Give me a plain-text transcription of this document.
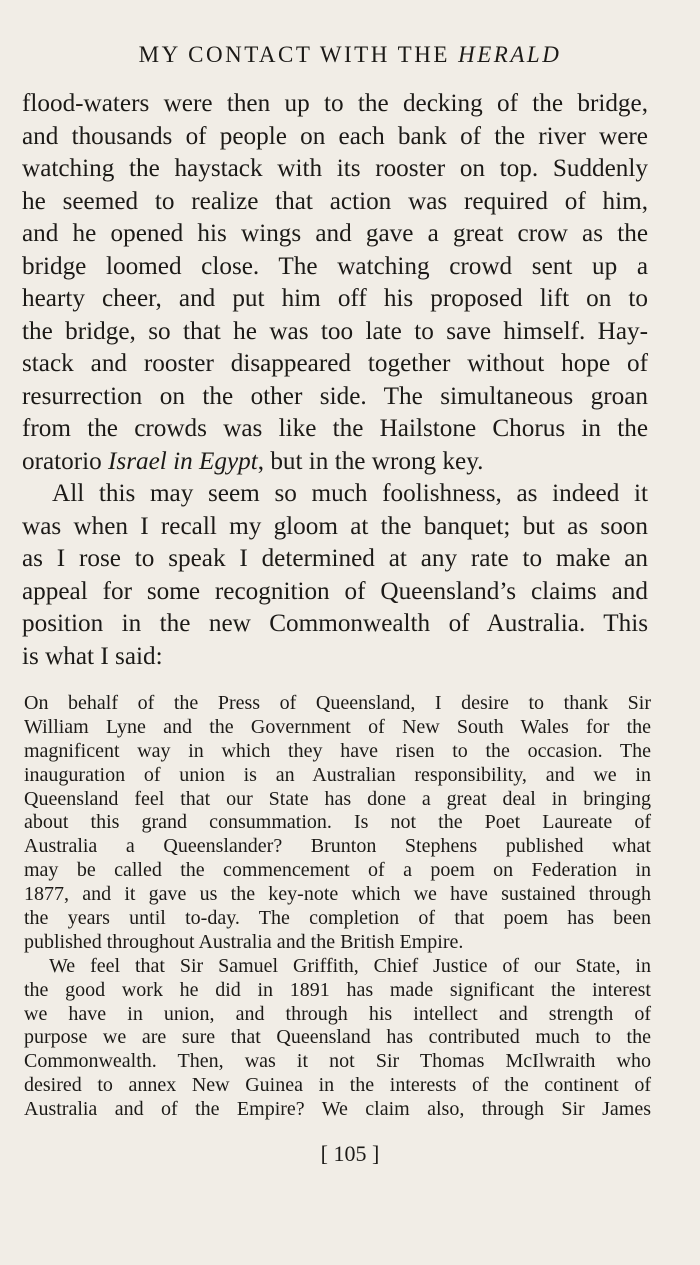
MY CONTACT WITH THE HERALD
flood-waters were then up to the decking of the bridge,
and thousands of people on each bank of the river were
watching the haystack with its rooster on top. Suddenly
he seemed to realize that action was required of him,
and he opened his wings and gave a great crow as the
bridge loomed close. The watching crowd sent up a
hearty cheer, and put him off his proposed lift on to
the bridge, so that he was too late to save himself. Hay-
stack and rooster disappeared together without hope of
resurrection on the other side. The simultaneous groan
from the crowds was like the Hailstone Chorus in the
oratorio Israel in Egypt, but in the wrong key.
All this may seem so much foolishness, as indeed it
was when I recall my gloom at the banquet; but as soon
as I rose to speak I determined at any rate to make an
appeal for some recognition of Queensland’s claims and
position in the new Commonwealth of Australia. This
is what I said:
On behalf of the Press of Queensland, I desire to thank Sir
William Lyne and the Government of New South Wales for the
magnificent way in which they have risen to the occasion. The
inauguration of union is an Australian responsibility, and we in
Queensland feel that our State has done a great deal in bringing
about this grand consummation. Is not the Poet Laureate of
Australia a Queenslander? Brunton Stephens published what
may be called the commencement of a poem on Federation in
1877, and it gave us the key-note which we have sustained through
the years until to-day. The completion of that poem has been
published throughout Australia and the British Empire.
We feel that Sir Samuel Griffith, Chief Justice of our State, in
the good work he did in 1891 has made significant the interest
we have in union, and through his intellect and strength of
purpose we are sure that Queensland has contributed much to the
Commonwealth. Then, was it not Sir Thomas McIlwraith who
desired to annex New Guinea in the interests of the continent of
Australia and of the Empire? We claim also, through Sir James
[ 105 ]
